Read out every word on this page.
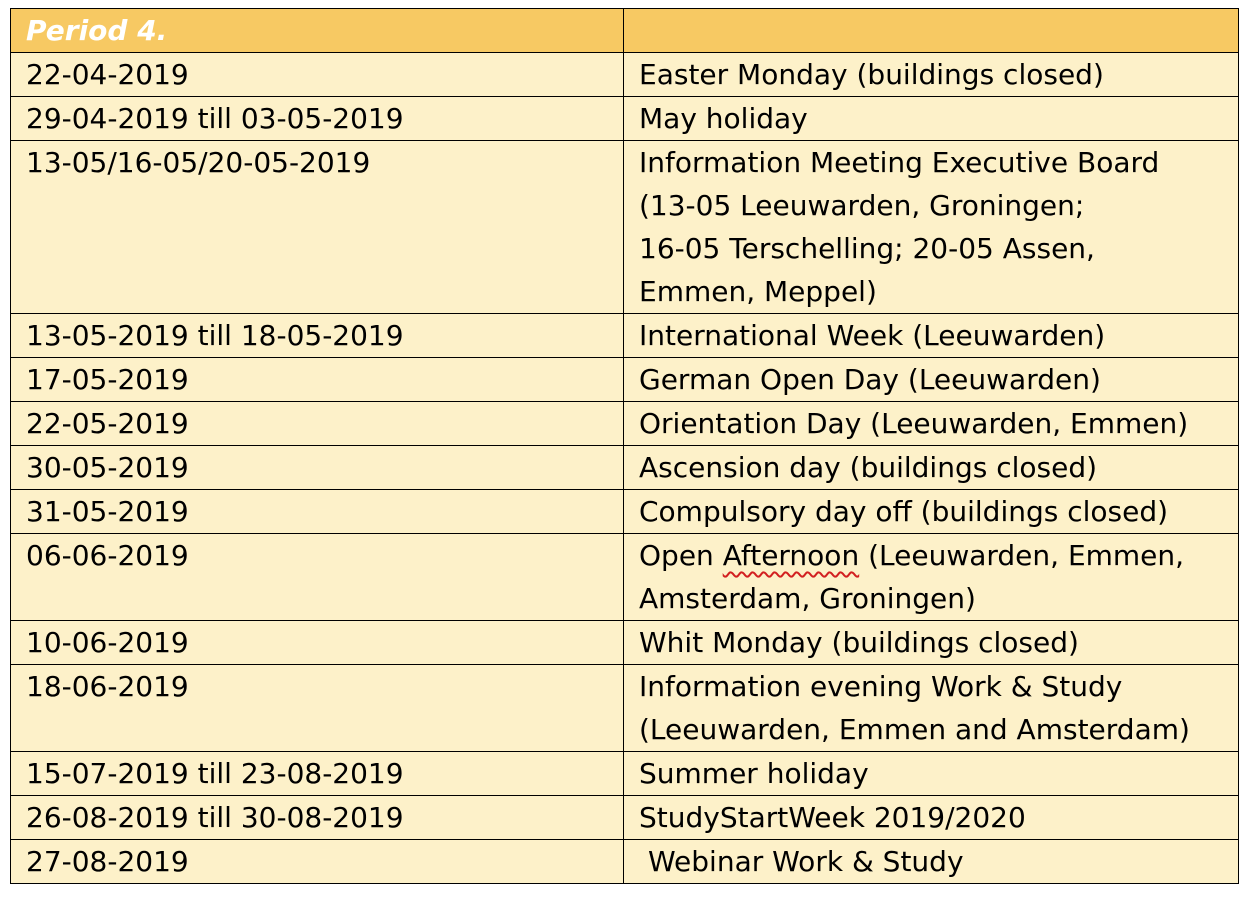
Period 4.	
22-04-2019	Easter Monday (buildings closed)

29-04-2019 till 03-05-2019	May holiday

13-05/16-05/20-05-2019	Information Meeting Executive Board
(13-05 Leeuwarden, Groningen;
16-05 Terschelling; 20-05 Assen,
Emmen, Meppel)

13-05-2019 till 18-05-2019	International Week (Leeuwarden)

17-05-2019	German Open Day (Leeuwarden)

22-05-2019	Orientation Day (Leeuwarden, Emmen)

30-05-2019	Ascension day (buildings closed)

31-05-2019	Compulsory day off (buildings closed)

06-06-2019	Open Afternoon (Leeuwarden, Emmen,
Amsterdam, Groningen)

10-06-2019	Whit Monday (buildings closed)

18-06-2019	Information evening Work & Study
(Leeuwarden, Emmen and Amsterdam)

15-07-2019 till 23-08-2019	Summer holiday

26-08-2019 till 30-08-2019	StudyStartWeek 2019/2020

27-08-2019	Webinar Work & Study
